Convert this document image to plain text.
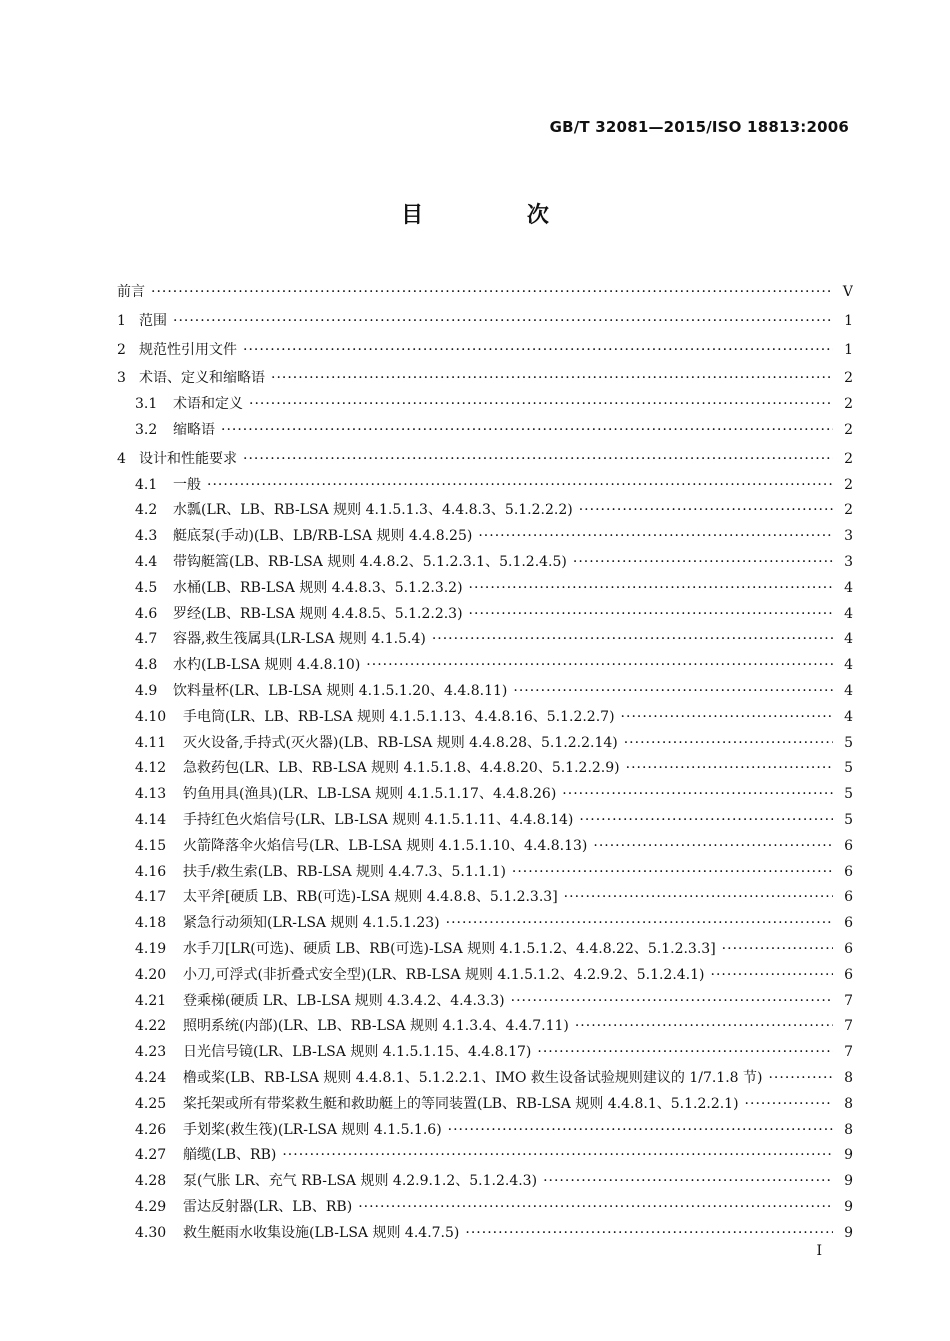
GB/T 32081—2015/ISO 18813:2006
目 次
前言 ·····	V
1 范围 ·····	1
2 规范性引用文件 ·····	1
3 术语、定义和缩略语 ·····	2
3.1	术语和定义 ·····	2
3.2	缩略语 ·····	2
4 设计和性能要求 ·····	2
4.1	一般 ·····	2
4.2	水瓢(LR、LB、RB-LSA 规则 4.1.5.1.3、4.4.8.3、5.1.2.2.2) ·····	2
4.3	艇底泵(手动)(LB、LB/RB-LSA 规则 4.4.8.25) ·····	3
4.4	带钩艇篙(LB、RB-LSA 规则 4.4.8.2、5.1.2.3.1、5.1.2.4.5) ·····	3
4.5	水桶(LB、RB-LSA 规则 4.4.8.3、5.1.2.3.2) ·····	4
4.6	罗经(LB、RB-LSA 规则 4.4.8.5、5.1.2.2.3) ·····	4
4.7	容器,救生筏属具(LR-LSA 规则 4.1.5.4) ·····	4
4.8	水杓(LB-LSA 规则 4.4.8.10) ·····	4
4.9	饮料量杯(LR、LB-LSA 规则 4.1.5.1.20、4.4.8.11) ·····	4
4.10	手电筒(LR、LB、RB-LSA 规则 4.1.5.1.13、4.4.8.16、5.1.2.2.7) ·····	4
4.11	灭火设备,手持式(灭火器)(LB、RB-LSA 规则 4.4.8.28、5.1.2.2.14) ·····	5
4.12	急救药包(LR、LB、RB-LSA 规则 4.1.5.1.8、4.4.8.20、5.1.2.2.9) ·····	5
4.13	钓鱼用具(渔具)(LR、LB-LSA 规则 4.1.5.1.17、4.4.8.26) ·····	5
4.14	手持红色火焰信号(LR、LB-LSA 规则 4.1.5.1.11、4.4.8.14) ·····	5
4.15	火箭降落伞火焰信号(LR、LB-LSA 规则 4.1.5.1.10、4.4.8.13) ·····	6
4.16	扶手/救生索(LB、RB-LSA 规则 4.4.7.3、5.1.1.1) ·····	6
4.17	太平斧[硬质 LB、RB(可选)-LSA 规则 4.4.8.8、5.1.2.3.3] ·····	6
4.18	紧急行动须知(LR-LSA 规则 4.1.5.1.23) ·····	6
4.19	水手刀[LR(可选)、硬质 LB、RB(可选)-LSA 规则 4.1.5.1.2、4.4.8.22、5.1.2.3.3] ·····	6
4.20	小刀,可浮式(非折叠式安全型)(LR、RB-LSA 规则 4.1.5.1.2、4.2.9.2、5.1.2.4.1) ·····	6
4.21	登乘梯(硬质 LR、LB-LSA 规则 4.3.4.2、4.4.3.3) ·····	7
4.22	照明系统(内部)(LR、LB、RB-LSA 规则 4.1.3.4、4.4.7.11) ·····	7
4.23	日光信号镜(LR、LB-LSA 规则 4.1.5.1.15、4.4.8.17) ·····	7
4.24	橹或桨(LB、RB-LSA 规则 4.4.8.1、5.1.2.2.1、IMO 救生设备试验规则建议的 1/7.1.8 节) ·····	8
4.25	桨托架或所有带桨救生艇和救助艇上的等同装置(LB、RB-LSA 规则 4.4.8.1、5.1.2.2.1) ·····	8
4.26	手划桨(救生筏)(LR-LSA 规则 4.1.5.1.6) ·····	8
4.27	艏缆(LB、RB) ·····	9
4.28	泵(气胀 LR、充气 RB-LSA 规则 4.2.9.1.2、5.1.2.4.3) ·····	9
4.29	雷达反射器(LR、LB、RB) ·····	9
4.30	救生艇雨水收集设施(LB-LSA 规则 4.4.7.5) ·····	9
I
